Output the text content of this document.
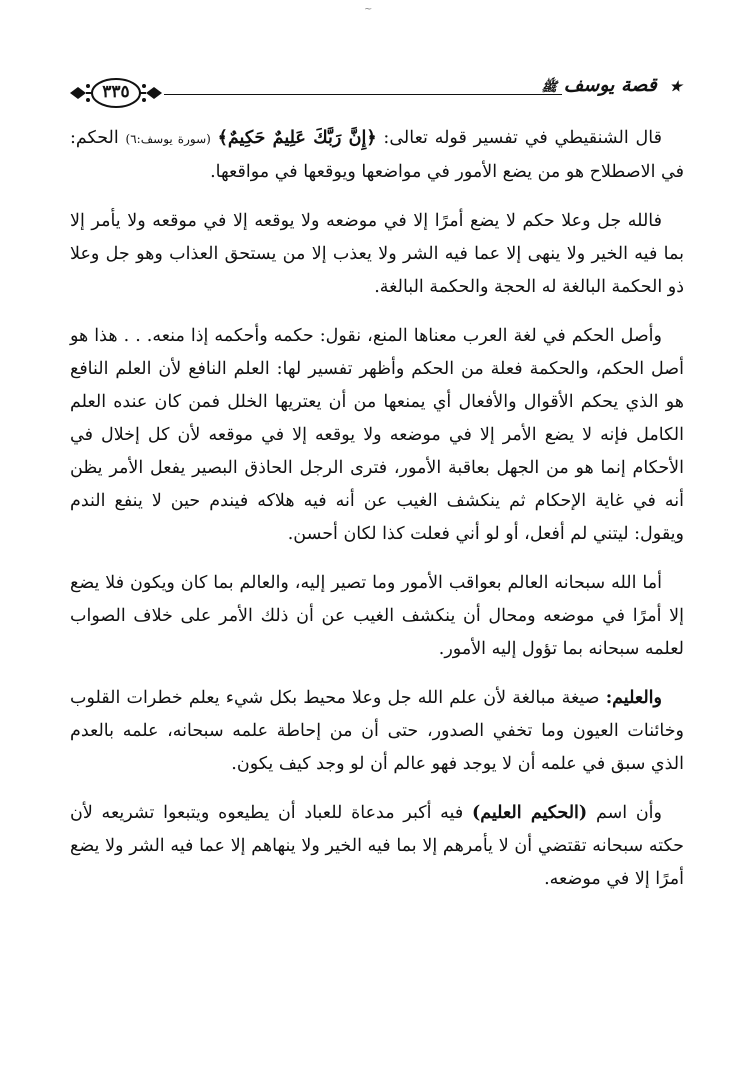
~
★ قصة يوسف ﷺ
٣٣٥

قال الشنقيطي في تفسير قوله تعالى: ﴿إِنَّ رَبَّكَ عَلِيمٌ حَكِيمٌ﴾ (سورة يوسف:٦) الحكم: في الاصطلاح هو من يضع الأمور في مواضعها ويوقعها في مواقعها.

فالله جل وعلا حكم لا يضع أمرًا إلا في موضعه ولا يوقعه إلا في موقعه ولا يأمر إلا بما فيه الخير ولا ينهى إلا عما فيه الشر ولا يعذب إلا من يستحق العذاب وهو جل وعلا ذو الحكمة البالغة له الحجة والحكمة البالغة.

وأصل الحكم في لغة العرب معناها المنع، نقول: حكمه وأحكمه إذا منعه. . . هذا هو أصل الحكم، والحكمة فعلة من الحكم وأظهر تفسير لها: العلم النافع لأن العلم النافع هو الذي يحكم الأقوال والأفعال أي يمنعها من أن يعتريها الخلل فمن كان عنده العلم الكامل فإنه لا يضع الأمر إلا في موضعه ولا يوقعه إلا في موقعه لأن كل إخلال في الأحكام إنما هو من الجهل بعاقبة الأمور، فترى الرجل الحاذق البصير يفعل الأمر يظن أنه في غاية الإحكام ثم ينكشف الغيب عن أنه فيه هلاكه فيندم حين لا ينفع الندم ويقول: ليتني لم أفعل، أو لو أني فعلت كذا لكان أحسن.

أما الله سبحانه العالم بعواقب الأمور وما تصير إليه، والعالم بما كان ويكون فلا يضع إلا أمرًا في موضعه ومحال أن ينكشف الغيب عن أن ذلك الأمر على خلاف الصواب لعلمه سبحانه بما تؤول إليه الأمور.

والعليم: صيغة مبالغة لأن علم الله جل وعلا محيط بكل شيء يعلم خطرات القلوب وخائنات العيون وما تخفي الصدور، حتى أن من إحاطة علمه سبحانه، علمه بالعدم الذي سبق في علمه أن لا يوجد فهو عالم أن لو وجد كيف يكون.

وأن اسم (الحكيم العليم) فيه أكبر مدعاة للعباد أن يطيعوه ويتبعوا تشريعه لأن حكته سبحانه تقتضي أن لا يأمرهم إلا بما فيه الخير ولا ينهاهم إلا عما فيه الشر ولا يضع أمرًا إلا في موضعه.
